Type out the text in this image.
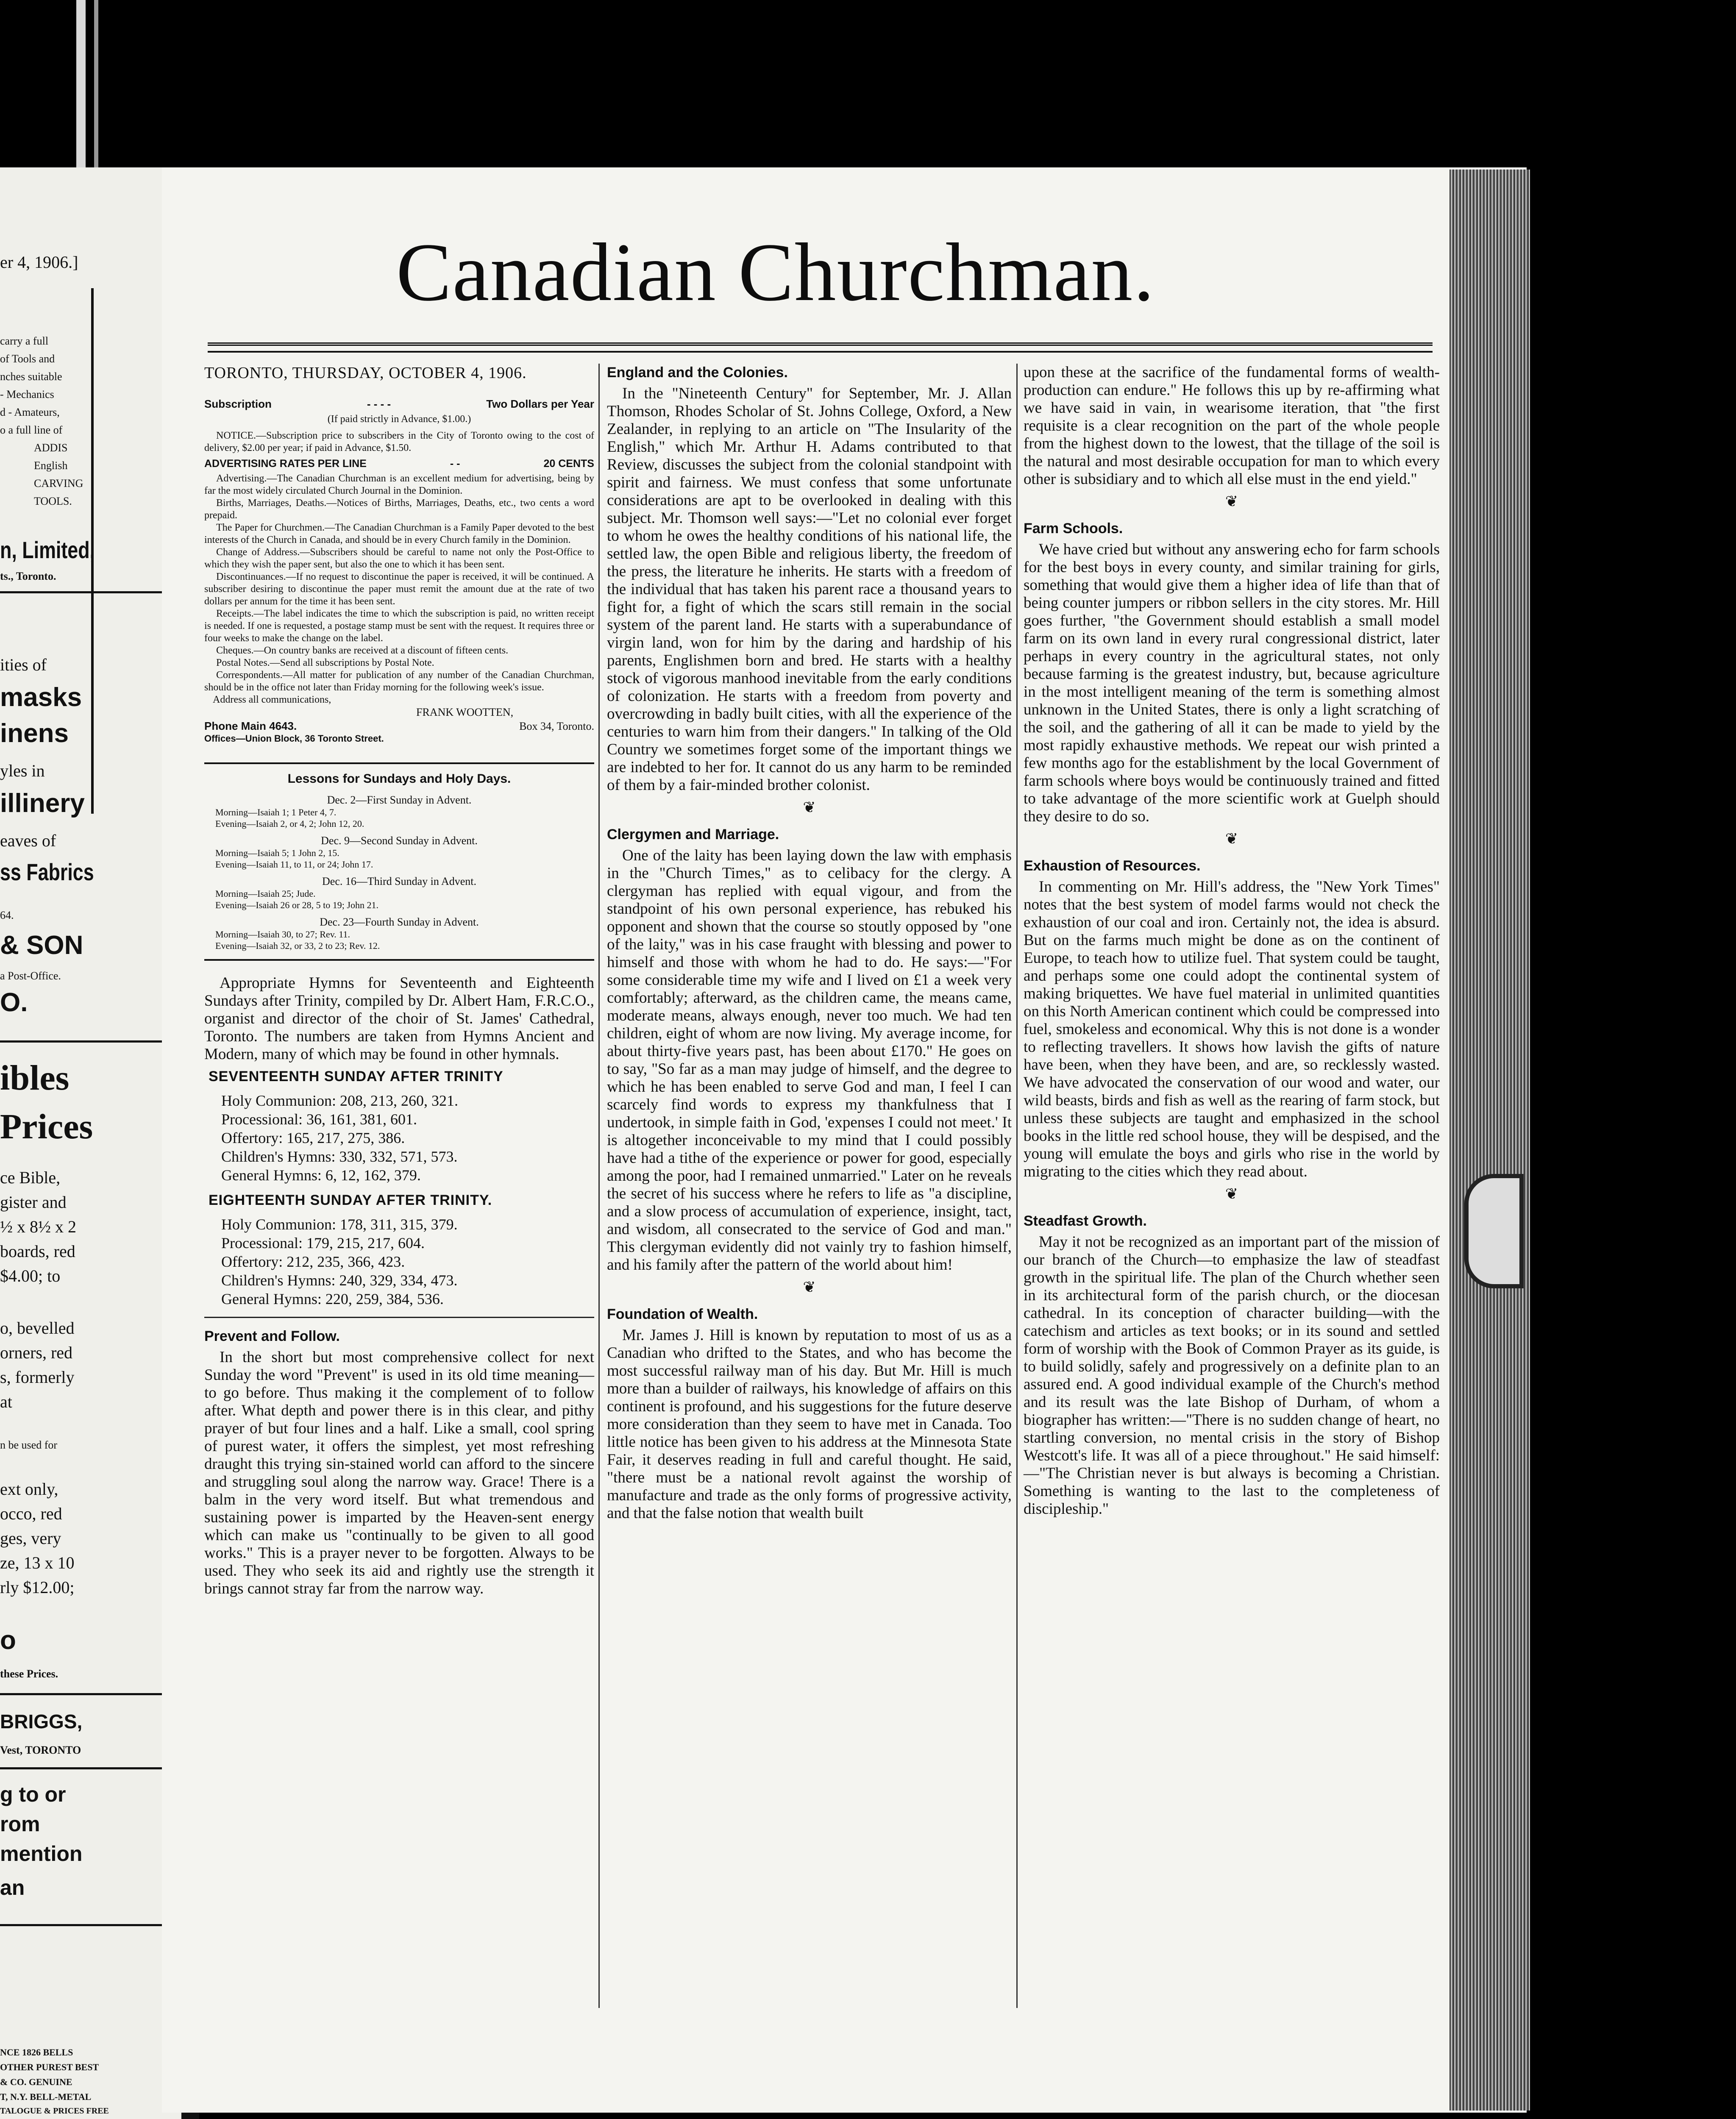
er 4, 1906.]
carry a full
of Tools and
nches suitable
- Mechanics
d - Amateurs,
o a full line of
ADDIS
English
CARVING
TOOLS.
n, Limited,
ts., Toronto.
ities of
masks
inens
yles in
illinery
eaves of
ss Fabrics
64.
& SON
a Post-Office.
O.
ibles
Prices
ce Bible,
gister and
½ x 8½ x 2
boards, red
$4.00; to
o, bevelled
orners, red
s, formerly
at
n be used for
ext only,
occo, red
ges, very
ze, 13 x 10
rly $12.00;
o
these Prices.
BRIGGS,
Vest, TORONTO
g to or
rom
mention
an
NCE 1826 BELLS
OTHER PUREST BEST
& CO. GENUINE
T, N.Y. BELL-METAL
TALOGUE & PRICES FREE
Canadian Churchman.
TORONTO, THURSDAY, OCTOBER 4, 1906.
Subscription	- - - -	Two Dollars per Year
(If paid strictly in Advance, $1.00.)

NOTICE.—Subscription price to subscribers in the City of Toronto owing to the cost of delivery, $2.00 per year; if paid in Advance, $1.50.

ADVERTISING RATES PER LINE	- -	20 CENTS

Advertising.—The Canadian Churchman is an excellent medium for advertising, being by far the most widely circulated Church Journal in the Dominion.

Births, Marriages, Deaths.—Notices of Births, Marriages, Deaths, etc., two cents a word prepaid.

The Paper for Churchmen.—The Canadian Churchman is a Family Paper devoted to the best interests of the Church in Canada, and should be in every Church family in the Dominion.

Change of Address.—Subscribers should be careful to name not only the Post-Office to which they wish the paper sent, but also the one to which it has been sent.

Discontinuances.—If no request to discontinue the paper is received, it will be continued. A subscriber desiring to discontinue the paper must remit the amount due at the rate of two dollars per annum for the time it has been sent.

Receipts.—The label indicates the time to which the subscription is paid, no written receipt is needed. If one is requested, a postage stamp must be sent with the request. It requires three or four weeks to make the change on the label.

Cheques.—On country banks are received at a discount of fifteen cents.

Postal Notes.—Send all subscriptions by Postal Note.

Correspondents.—All matter for publication of any number of the Canadian Churchman, should be in the office not later than Friday morning for the following week's issue.

Address all communications,
FRANK WOOTTEN,
Phone Main 4643.	Box 34, Toronto.
Offices—Union Block, 36 Toronto Street.
Lessons for Sundays and Holy Days.
Dec. 2—First Sunday in Advent.
Morning—Isaiah 1; 1 Peter 4, 7.
Evening—Isaiah 2, or 4, 2; John 12, 20.
Dec. 9—Second Sunday in Advent.
Morning—Isaiah 5; 1 John 2, 15.
Evening—Isaiah 11, to 11, or 24; John 17.
Dec. 16—Third Sunday in Advent.
Morning—Isaiah 25; Jude.
Evening—Isaiah 26 or 28, 5 to 19; John 21.
Dec. 23—Fourth Sunday in Advent.
Morning—Isaiah 30, to 27; Rev. 11.
Evening—Isaiah 32, or 33, 2 to 23; Rev. 12.

Appropriate Hymns for Seventeenth and Eighteenth Sundays after Trinity, compiled by Dr. Albert Ham, F.R.C.O., organist and director of the choir of St. James' Cathedral, Toronto. The numbers are taken from Hymns Ancient and Modern, many of which may be found in other hymnals.

SEVENTEENTH SUNDAY AFTER TRINITY
Holy Communion: 208, 213, 260, 321.
Processional: 36, 161, 381, 601.
Offertory: 165, 217, 275, 386.
Children's Hymns: 330, 332, 571, 573.
General Hymns: 6, 12, 162, 379.
EIGHTEENTH SUNDAY AFTER TRINITY.
Holy Communion: 178, 311, 315, 379.
Processional: 179, 215, 217, 604.
Offertory: 212, 235, 366, 423.
Children's Hymns: 240, 329, 334, 473.
General Hymns: 220, 259, 384, 536.
Prevent and Follow.

In the short but most comprehensive collect for next Sunday the word "Prevent" is used in its old time meaning—to go before. Thus making it the complement of to follow after. What depth and power there is in this clear, and pithy prayer of but four lines and a half. Like a small, cool spring of purest water, it offers the simplest, yet most refreshing draught this trying sin-stained world can afford to the sincere and struggling soul along the narrow way. Grace! There is a balm in the very word itself. But what tremendous and sustaining power is imparted by the Heaven-sent energy which can make us "continually to be given to all good works." This is a prayer never to be forgotten. Always to be used. They who seek its aid and rightly use the strength it brings cannot stray far from the narrow way.

England and the Colonies.

In the "Nineteenth Century" for September, Mr. J. Allan Thomson, Rhodes Scholar of St. Johns College, Oxford, a New Zealander, in replying to an article on "The Insularity of the English," which Mr. Arthur H. Adams contributed to that Review, discusses the subject from the colonial standpoint with spirit and fairness. We must confess that some unfortunate considerations are apt to be overlooked in dealing with this subject. Mr. Thomson well says:—"Let no colonial ever forget to whom he owes the healthy conditions of his national life, the settled law, the open Bible and religious liberty, the freedom of the press, the literature he inherits. He starts with a freedom of the individual that has taken his parent race a thousand years to fight for, a fight of which the scars still remain in the social system of the parent land. He starts with a superabundance of virgin land, won for him by the daring and hardship of his parents, Englishmen born and bred. He starts with a healthy stock of vigorous manhood inevitable from the early conditions of colonization. He starts with a freedom from poverty and overcrowding in badly built cities, with all the experience of the centuries to warn him from their dangers." In talking of the Old Country we sometimes forget some of the important things we are indebted to her for. It cannot do us any harm to be reminded of them by a fair-minded brother colonist.

❦
Clergymen and Marriage.

One of the laity has been laying down the law with emphasis in the "Church Times," as to celibacy for the clergy. A clergyman has replied with equal vigour, and from the standpoint of his own personal experience, has rebuked his opponent and shown that the course so stoutly opposed by "one of the laity," was in his case fraught with blessing and power to himself and those with whom he had to do. He says:—"For some considerable time my wife and I lived on £1 a week very comfortably; afterward, as the children came, the means came, moderate means, always enough, never too much. We had ten children, eight of whom are now living. My average income, for about thirty-five years past, has been about £170." He goes on to say, "So far as a man may judge of himself, and the degree to which he has been enabled to serve God and man, I feel I can scarcely find words to express my thankfulness that I undertook, in simple faith in God, 'expenses I could not meet.' It is altogether inconceivable to my mind that I could possibly have had a tithe of the experience or power for good, especially among the poor, had I remained unmarried." Later on he reveals the secret of his success where he refers to life as "a discipline, and a slow process of accumulation of experience, insight, tact, and wisdom, all consecrated to the service of God and man." This clergyman evidently did not vainly try to fashion himself, and his family after the pattern of the world about him!

❦
Foundation of Wealth.

Mr. James J. Hill is known by reputation to most of us as a Canadian who drifted to the States, and who has become the most successful railway man of his day. But Mr. Hill is much more than a builder of railways, his knowledge of affairs on this continent is profound, and his suggestions for the future deserve more consideration than they seem to have met in Canada. Too little notice has been given to his address at the Minnesota State Fair, it deserves reading in full and careful thought. He said, "there must be a national revolt against the worship of manufacture and trade as the only forms of progressive activity, and that the false notion that wealth built

upon these at the sacrifice of the fundamental forms of wealth-production can endure." He follows this up by re-affirming what we have said in vain, in wearisome iteration, that "the first requisite is a clear recognition on the part of the whole people from the highest down to the lowest, that the tillage of the soil is the natural and most desirable occupation for man to which every other is subsidiary and to which all else must in the end yield."

❦
Farm Schools.

We have cried but without any answering echo for farm schools for the best boys in every county, and similar training for girls, something that would give them a higher idea of life than that of being counter jumpers or ribbon sellers in the city stores. Mr. Hill goes further, "the Government should establish a small model farm on its own land in every rural congressional district, later perhaps in every country in the agricultural states, not only because farming is the greatest industry, but, because agriculture in the most intelligent meaning of the term is something almost unknown in the United States, there is only a light scratching of the soil, and the gathering of all it can be made to yield by the most rapidly exhaustive methods. We repeat our wish printed a few months ago for the establishment by the local Government of farm schools where boys would be continuously trained and fitted to take advantage of the more scientific work at Guelph should they desire to do so.

❦
Exhaustion of Resources.

In commenting on Mr. Hill's address, the "New York Times" notes that the best system of model farms would not check the exhaustion of our coal and iron. Certainly not, the idea is absurd. But on the farms much might be done as on the continent of Europe, to teach how to utilize fuel. That system could be taught, and perhaps some one could adopt the continental system of making briquettes. We have fuel material in unlimited quantities on this North American continent which could be compressed into fuel, smokeless and economical. Why this is not done is a wonder to reflecting travellers. It shows how lavish the gifts of nature have been, when they have been, and are, so recklessly wasted. We have advocated the conservation of our wood and water, our wild beasts, birds and fish as well as the rearing of farm stock, but unless these subjects are taught and emphasized in the school books in the little red school house, they will be despised, and the young will emulate the boys and girls who rise in the world by migrating to the cities which they read about.

❦
Steadfast Growth.

May it not be recognized as an important part of the mission of our branch of the Church—to emphasize the law of steadfast growth in the spiritual life. The plan of the Church whether seen in its architectural form of the parish church, or the diocesan cathedral. In its conception of character building—with the catechism and articles as text books; or in its sound and settled form of worship with the Book of Common Prayer as its guide, is to build solidly, safely and progressively on a definite plan to an assured end. A good individual example of the Church's method and its result was the late Bishop of Durham, of whom a biographer has written:—"There is no sudden change of heart, no startling conversion, no mental crisis in the story of Bishop Westcott's life. It was all of a piece throughout." He said himself:—"The Christian never is but always is becoming a Christian. Something is wanting to the last to the completeness of discipleship."
